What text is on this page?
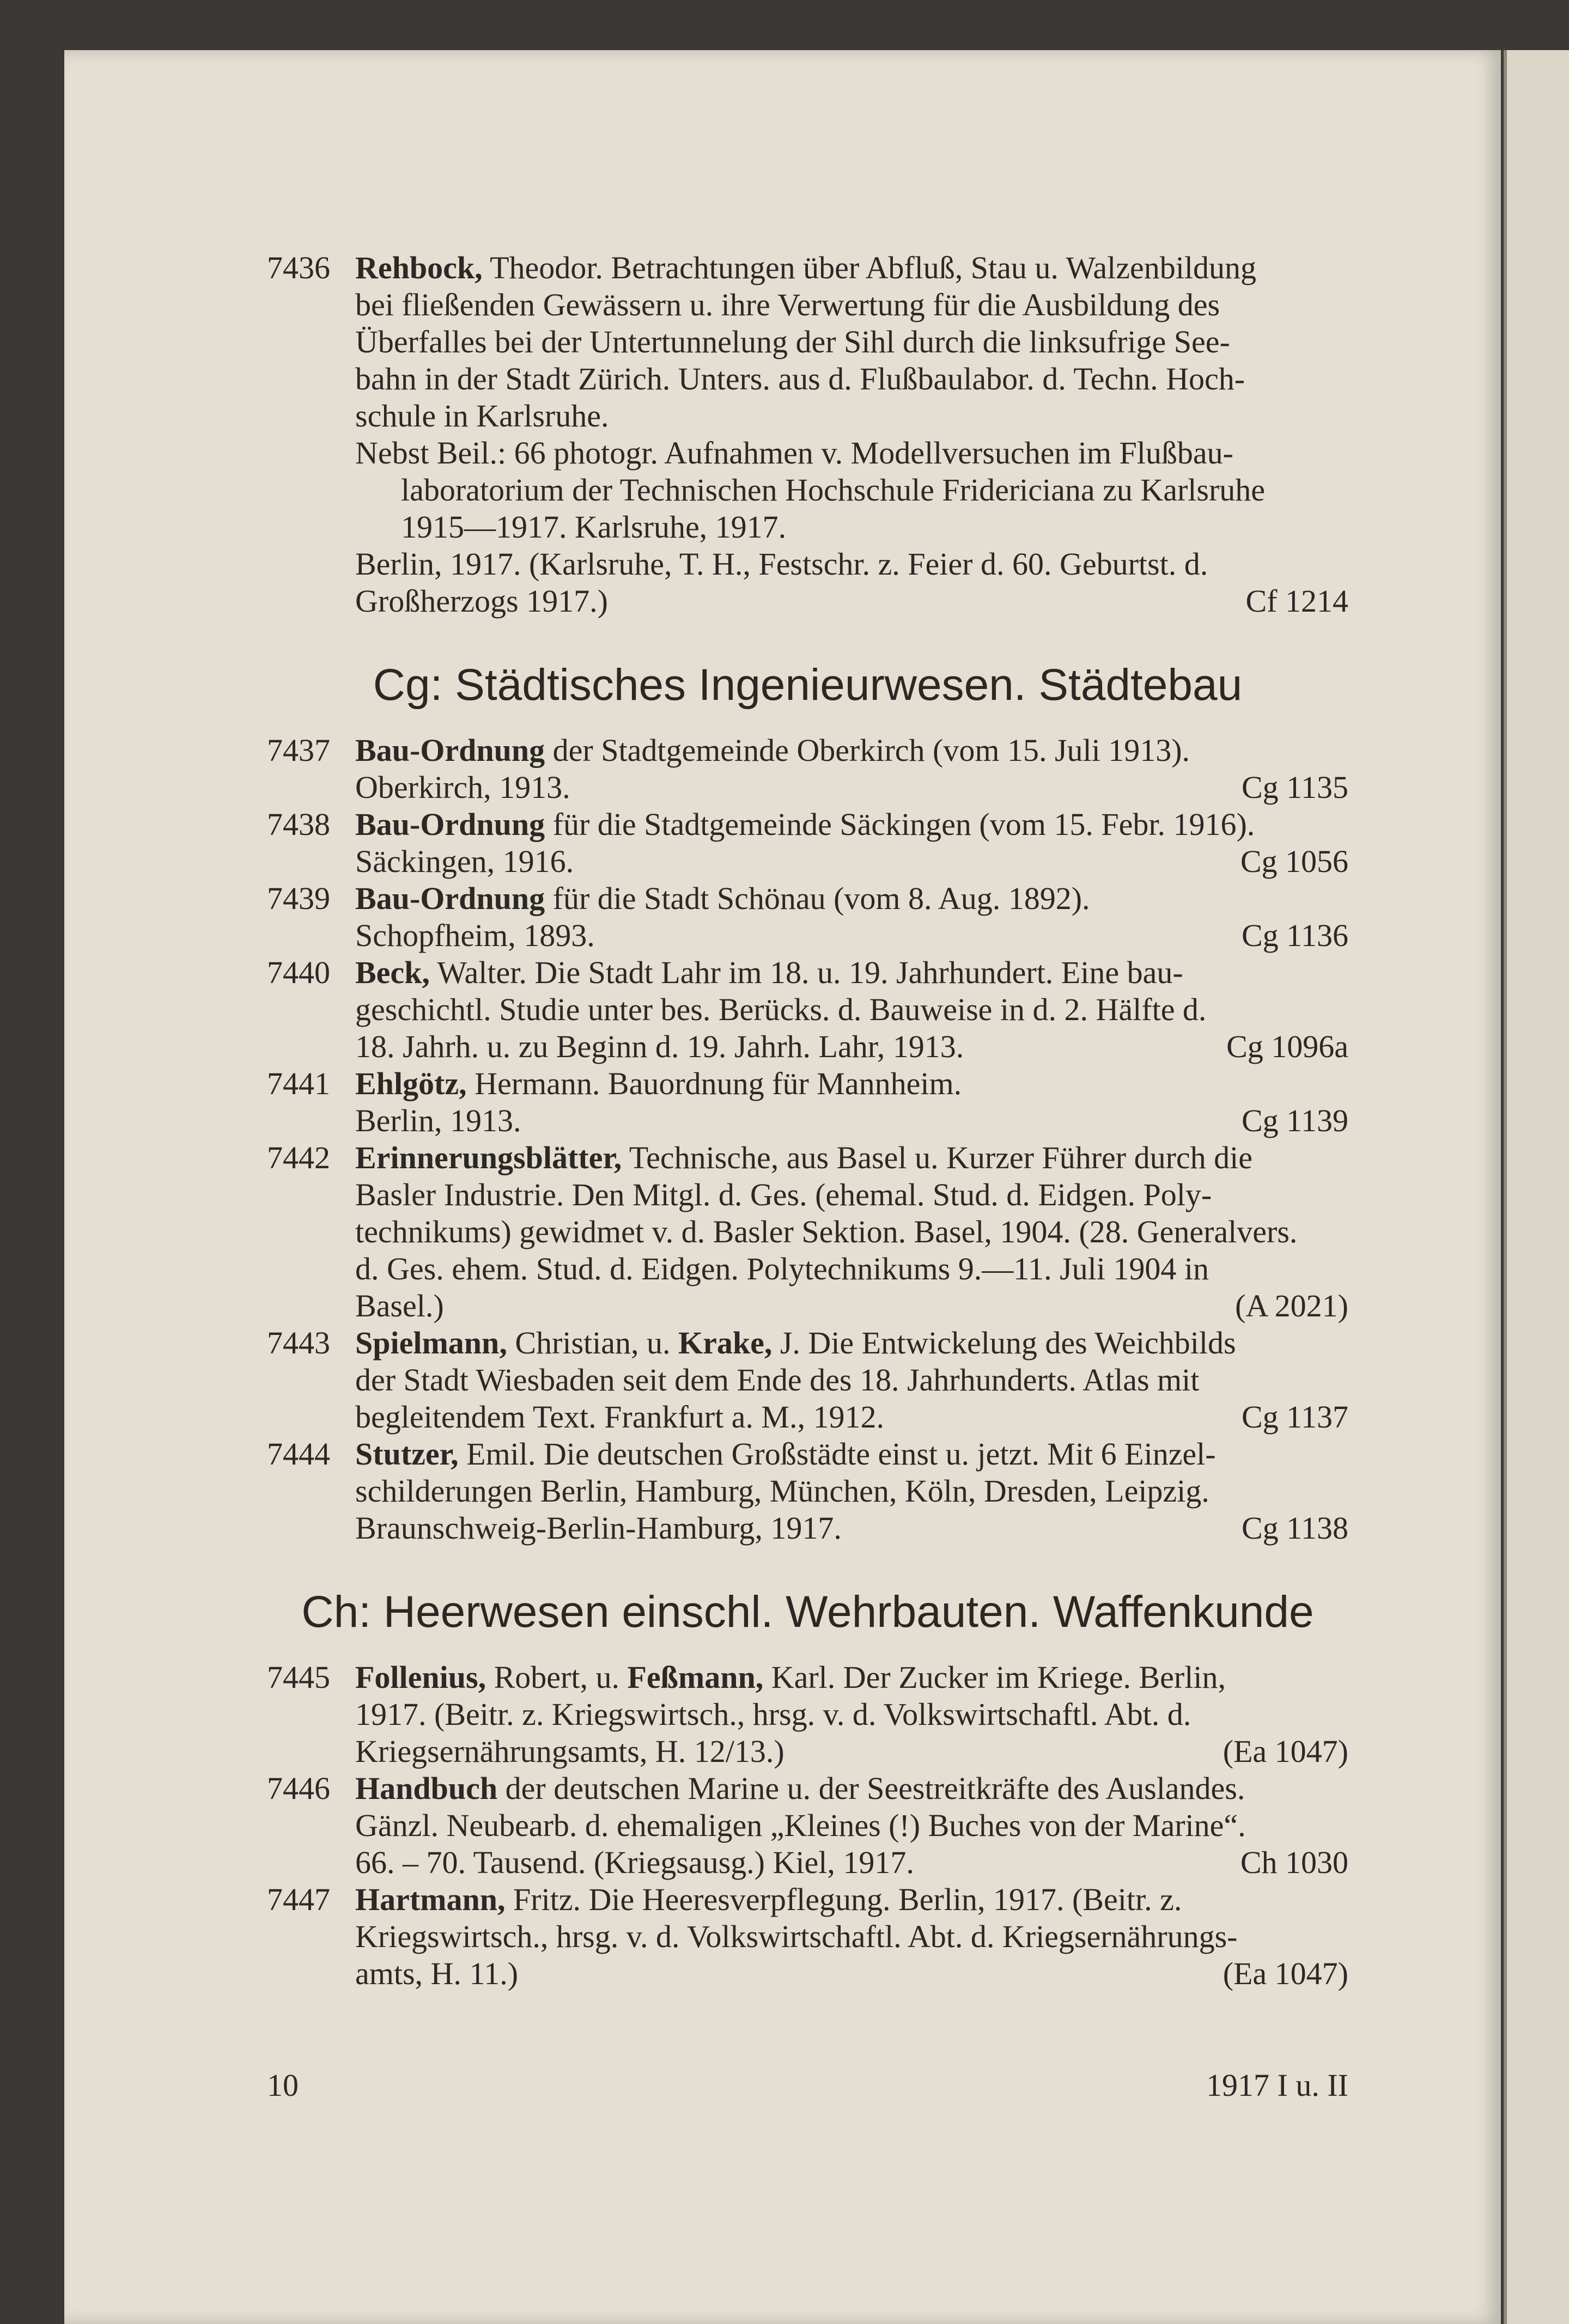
7436 Rehbock, Theodor. Betrachtungen über Abfluß, Stau u. Walzenbildung
bei fließenden Gewässern u. ihre Verwertung für die Ausbildung des
Überfalles bei der Untertunnelung der Sihl durch die linksufrige See-
bahn in der Stadt Zürich. Unters. aus d. Flußbaulabor. d. Techn. Hoch-
schule in Karlsruhe.
Nebst Beil.: 66 photogr. Aufnahmen v. Modellversuchen im Flußbau-
laboratorium der Technischen Hochschule Fridericiana zu Karlsruhe
1915—1917. Karlsruhe, 1917.
Berlin, 1917. (Karlsruhe, T. H., Festschr. z. Feier d. 60. Geburtst. d.
Großherzogs 1917.)	Cf 1214
Cg: Städtisches Ingenieurwesen. Städtebau
7437 Bau-Ordnung der Stadtgemeinde Oberkirch (vom 15. Juli 1913).
Oberkirch, 1913.	Cg 1135
7438 Bau-Ordnung für die Stadtgemeinde Säckingen (vom 15. Febr. 1916).
Säckingen, 1916.	Cg 1056
7439 Bau-Ordnung für die Stadt Schönau (vom 8. Aug. 1892).
Schopfheim, 1893.	Cg 1136
7440 Beck, Walter. Die Stadt Lahr im 18. u. 19. Jahrhundert. Eine bau-
geschichtl. Studie unter bes. Berücks. d. Bauweise in d. 2. Hälfte d.
18. Jahrh. u. zu Beginn d. 19. Jahrh. Lahr, 1913.	Cg 1096a
7441 Ehlgötz, Hermann. Bauordnung für Mannheim.
Berlin, 1913.	Cg 1139
7442 Erinnerungsblätter, Technische, aus Basel u. Kurzer Führer durch die
Basler Industrie. Den Mitgl. d. Ges. (ehemal. Stud. d. Eidgen. Poly-
technikums) gewidmet v. d. Basler Sektion. Basel, 1904. (28. Generalvers.
d. Ges. ehem. Stud. d. Eidgen. Polytechnikums 9.—11. Juli 1904 in
Basel.)	(A 2021)
7443 Spielmann, Christian, u. Krake, J. Die Entwickelung des Weichbilds
der Stadt Wiesbaden seit dem Ende des 18. Jahrhunderts. Atlas mit
begleitendem Text. Frankfurt a. M., 1912.	Cg 1137
7444 Stutzer, Emil. Die deutschen Großstädte einst u. jetzt. Mit 6 Einzel-
schilderungen Berlin, Hamburg, München, Köln, Dresden, Leipzig.
Braunschweig-Berlin-Hamburg, 1917.	Cg 1138
Ch: Heerwesen einschl. Wehrbauten. Waffenkunde
7445 Follenius, Robert, u. Feßmann, Karl. Der Zucker im Kriege. Berlin,
1917. (Beitr. z. Kriegswirtsch., hrsg. v. d. Volkswirtschaftl. Abt. d.
Kriegsernährungsamts, H. 12/13.)	(Ea 1047)
7446 Handbuch der deutschen Marine u. der Seestreitkräfte des Auslandes.
Gänzl. Neubearb. d. ehemaligen „Kleines (!) Buches von der Marine“.
66. – 70. Tausend. (Kriegsausg.) Kiel, 1917.	Ch 1030
7447 Hartmann, Fritz. Die Heeresverpflegung. Berlin, 1917. (Beitr. z.
Kriegswirtsch., hrsg. v. d. Volkswirtschaftl. Abt. d. Kriegsernährungs-
amts, H. 11.)	(Ea 1047)
10	1917 I u. II
